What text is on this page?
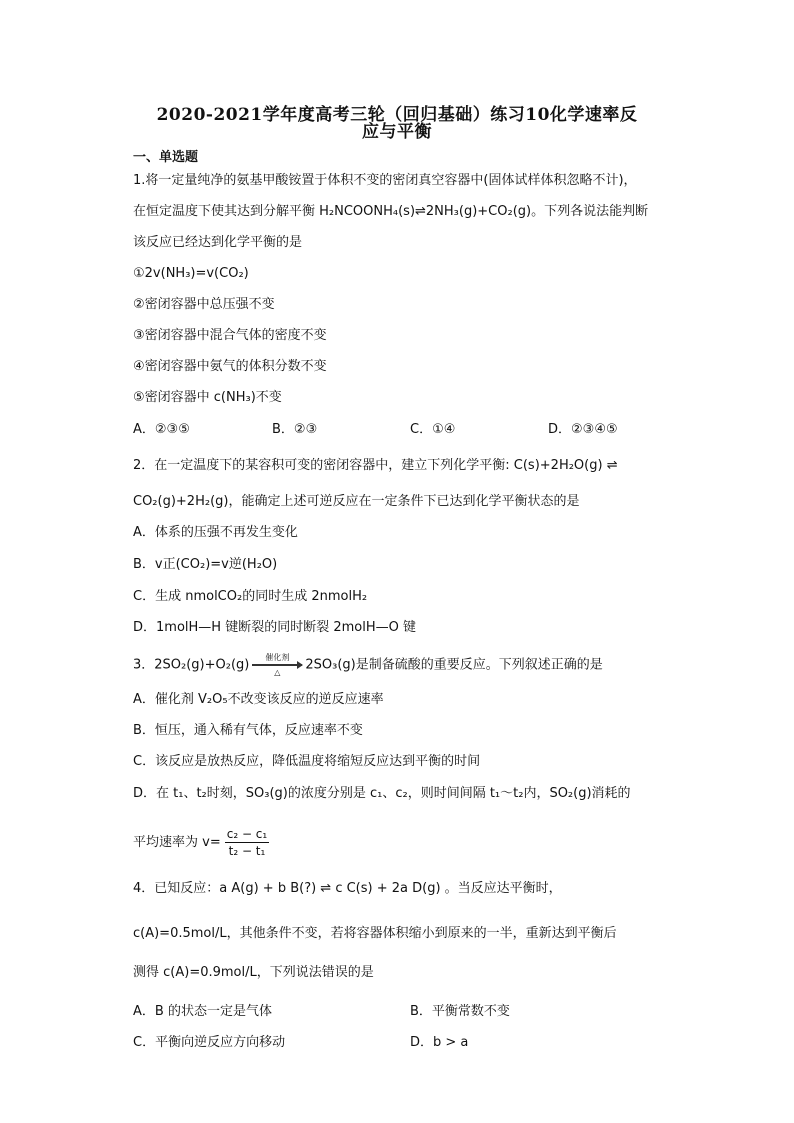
2020-2021学年度高考三轮（回归基础）练习10化学速率反
应与平衡
一、单选题
1.将一定量纯净的氨基甲酸铵置于体积不变的密闭真空容器中(固体试样体积忽略不计)，
在恒定温度下使其达到分解平衡 H₂NCOONH₄(s)⇌2NH₃(g)+CO₂(g)。下列各说法能判断
该反应已经达到化学平衡的是
①2v(NH₃)=v(CO₂)
②密闭容器中总压强不变
③密闭容器中混合气体的密度不变
④密闭容器中氨气的体积分数不变
⑤密闭容器中 c(NH₃)不变
A．②③⑤	B．②③	C．①④	D．②③④⑤
2．在一定温度下的某容积可变的密闭容器中，建立下列化学平衡: C(s)+2H₂O(g) ⇌
CO₂(g)+2H₂(g)，能确定上述可逆反应在一定条件下已达到化学平衡状态的是
A．体系的压强不再发生变化
B．v正(CO₂)=v逆(H₂O)
C．生成 nmolCO₂的同时生成 2nmolH₂
D．1molH—H 键断裂的同时断裂 2molH—O 键
3．2SO₂(g)+O₂(g)	催化剂
△	2SO₃(g)是制备硫酸的重要反应。下列叙述正确的是
A．催化剂 V₂O₅不改变该反应的逆反应速率
B．恒压，通入稀有气体，反应速率不变
C．该反应是放热反应，降低温度将缩短反应达到平衡的时间
D．在 t₁、t₂时刻，SO₃(g)的浓度分别是 c₁、c₂，则时间间隔 t₁～t₂内，SO₂(g)消耗的
平均速率为 $v= \frac{\text{c₂ − c₁}}{\text{t₂ − t₁}}$
4．已知反应：a A(g) + b B(?) ⇌ c C(s) + 2a D(g) 。当反应达平衡时，
c(A)=0.5mol/L，其他条件不变，若将容器体积缩小到原来的一半，重新达到平衡后
测得 c(A)=0.9mol/L，下列说法错误的是
A．B 的状态一定是气体	B．平衡常数不变
C．平衡向逆反应方向移动	D．b > a
